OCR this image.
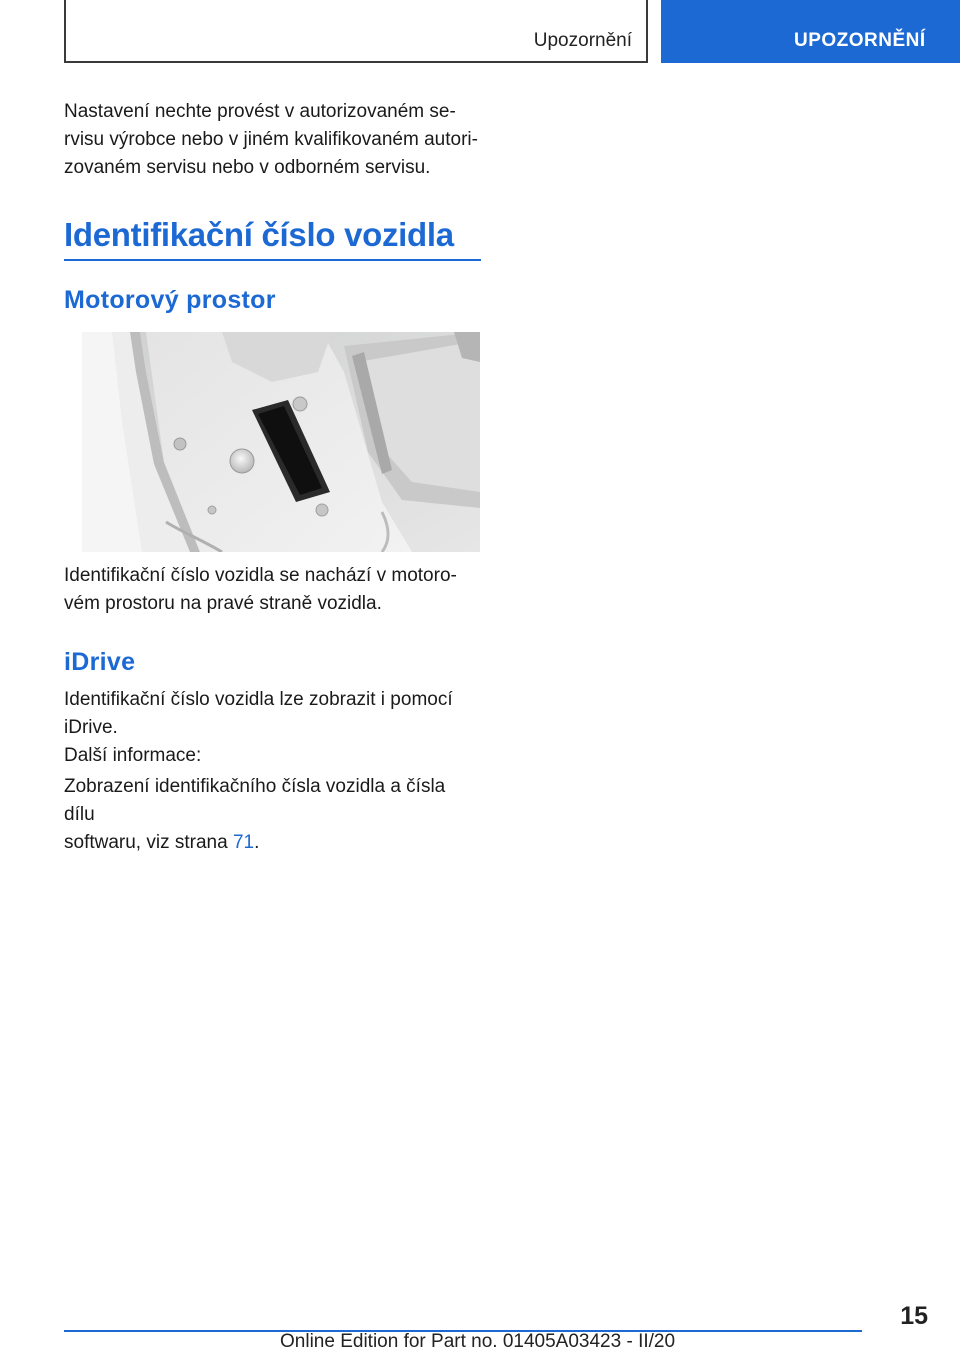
Upozornění	UPOZORNĚNÍ

Nastavení nechte provést v autorizovaném se‐
rvisu výrobce nebo v jiném kvalifikovaném autori‐
zovaném servisu nebo v odborném servisu.

Identifikační číslo vozidla
Motorový prostor

Identifikační číslo vozidla se nachází v motoro‐
vém prostoru na pravé straně vozidla.

iDrive

Identifikační číslo vozidla lze zobrazit i pomocí
iDrive.

Další informace:

Zobrazení identifikačního čísla vozidla a čísla dílu
softwaru, viz strana 71.

15
Online Edition for Part no. 01405A03423 - II/20
